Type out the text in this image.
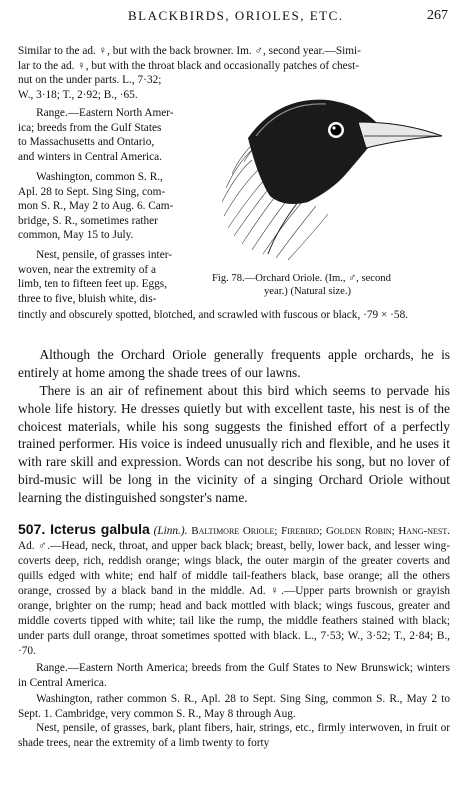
BLACKBIRDS, ORIOLES, ETC.	267

Similar to the ad. ♀, but with the back browner. Im. ♂, second year.—Simi-

lar to the ad. ♀, but with the throat black and occasionally patches of chest-

nut on the under parts. L., 7·32;

W., 3·18; T., 2·92; B., ·65.

Range.—Eastern North Amer-

ica; breeds from the Gulf States

to Massachusetts and Ontario,

and winters in Central America.

Washington, common S. R.,

Apl. 28 to Sept. Sing Sing, com-

mon S. R., May 2 to Aug. 6. Cam-

bridge, S. R., sometimes rather

common, May 15 to July.

Nest, pensile, of grasses inter-

woven, near the extremity of a

limb, ten to fifteen feet up. Eggs,

three to five, bluish white, dis-

Fig. 78.—Orchard Oriole. (Im., ♂, second
year.) (Natural size.)
tinctly and obscurely spotted, blotched, and scrawled with fuscous or black, ·79 × ·58.
Although the Orchard Oriole generally frequents apple orchards, he is entirely at home among the shade trees of our lawns.
There is an air of refinement about this bird which seems to pervade his whole life history. He dresses quietly but with excellent taste, his nest is of the choicest materials, while his song suggests the finished effort of a perfectly trained performer. His voice is indeed unusually rich and flexible, and he uses it with rare skill and expression. Words can not describe his song, but no lover of bird-music will be long in the vicinity of a singing Orchard Oriole without learning the distinguished songster's name.

507. Icterus galbula (Linn.). Baltimore Oriole; Firebird; Golden Robin; Hang-nest. Ad. ♂.—Head, neck, throat, and upper back black; breast, belly, lower back, and lesser wing-coverts deep, rich, reddish orange; wings black, the outer margin of the greater coverts and quills edged with white; end half of middle tail-feathers black, base orange; all the others orange, crossed by a black band in the middle. Ad. ♀.—Upper parts brownish or grayish orange, brighter on the rump; head and back mottled with black; wings fuscous, greater and middle coverts tipped with white; tail like the rump, the middle feathers stained with black; under parts dull orange, throat sometimes spotted with black. L., 7·53; W., 3·52; T., 2·84; B., ·70.

Range.—Eastern North America; breeds from the Gulf States to New Brunswick; winters in Central America.

Washington, rather common S. R., Apl. 28 to Sept. Sing Sing, common S. R., May 2 to Sept. 1. Cambridge, very common S. R., May 8 through Aug.

Nest, pensile, of grasses, bark, plant fibers, hair, strings, etc., firmly interwoven, in fruit or shade trees, near the extremity of a limb twenty to forty
